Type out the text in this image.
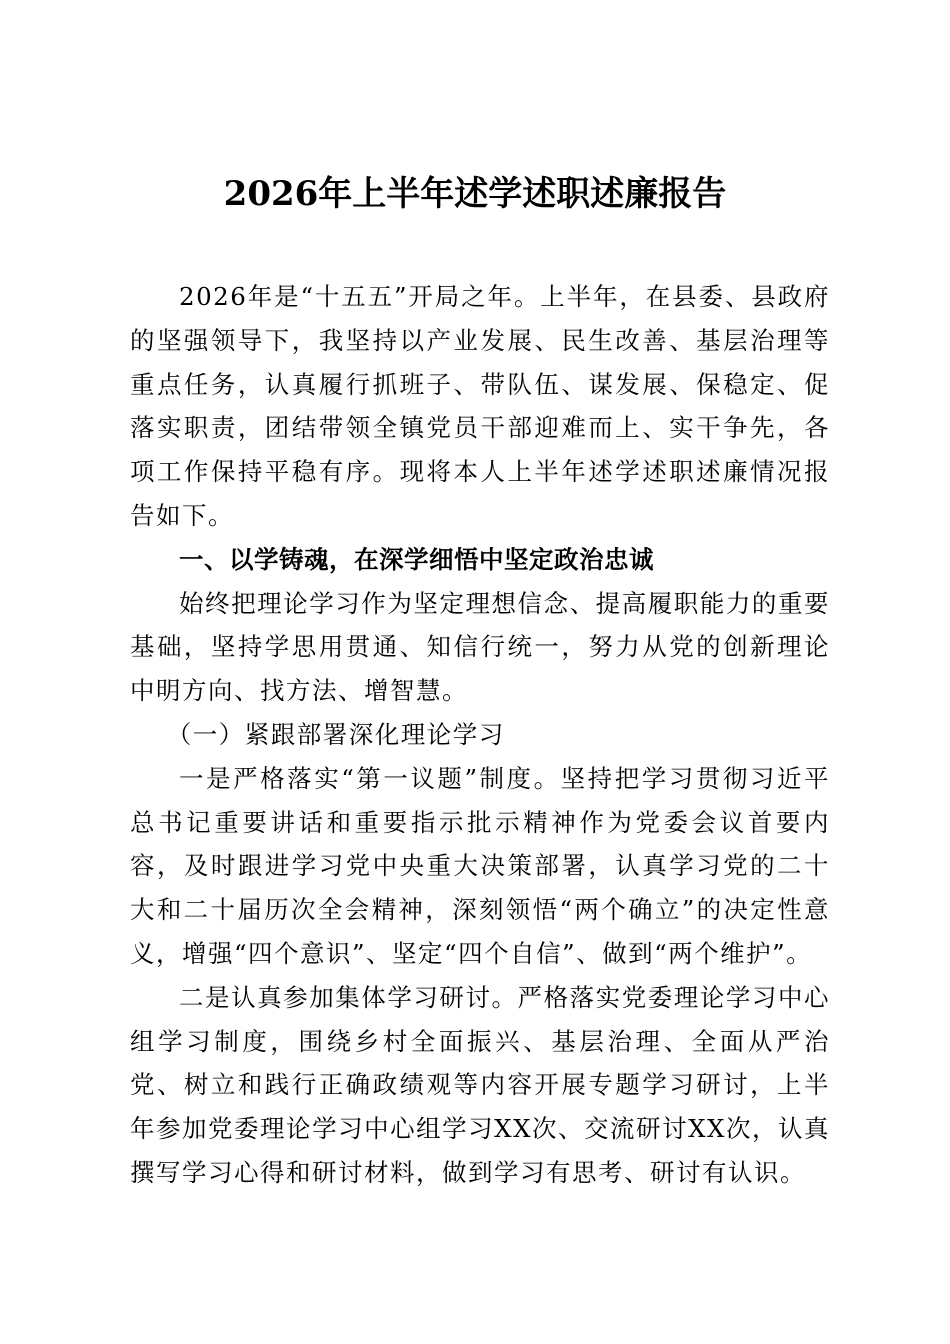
2026年上半年述学述职述廉报告

2026年是“十五五”开局之年。上半年，在县委、县政府的坚强领导下，我坚持以产业发展、民生改善、基层治理等重点任务，认真履行抓班子、带队伍、谋发展、保稳定、促落实职责，团结带领全镇党员干部迎难而上、实干争先，各项工作保持平稳有序。现将本人上半年述学述职述廉情况报告如下。

一、以学铸魂，在深学细悟中坚定政治忠诚

始终把理论学习作为坚定理想信念、提高履职能力的重要基础，坚持学思用贯通、知信行统一，努力从党的创新理论中明方向、找方法、增智慧。

（一）紧跟部署深化理论学习

一是严格落实“第一议题”制度。坚持把学习贯彻习近平总书记重要讲话和重要指示批示精神作为党委会议首要内容，及时跟进学习党中央重大决策部署，认真学习党的二十大和二十届历次全会精神，深刻领悟“两个确立”的决定性意义，增强“四个意识”、坚定“四个自信”、做到“两个维护”。

二是认真参加集体学习研讨。严格落实党委理论学习中心组学习制度，围绕乡村全面振兴、基层治理、全面从严治党、树立和践行正确政绩观等内容开展专题学习研讨，上半年参加党委理论学习中心组学习XX次、交流研讨XX次，认真撰写学习心得和研讨材料，做到学习有思考、研讨有认识。
